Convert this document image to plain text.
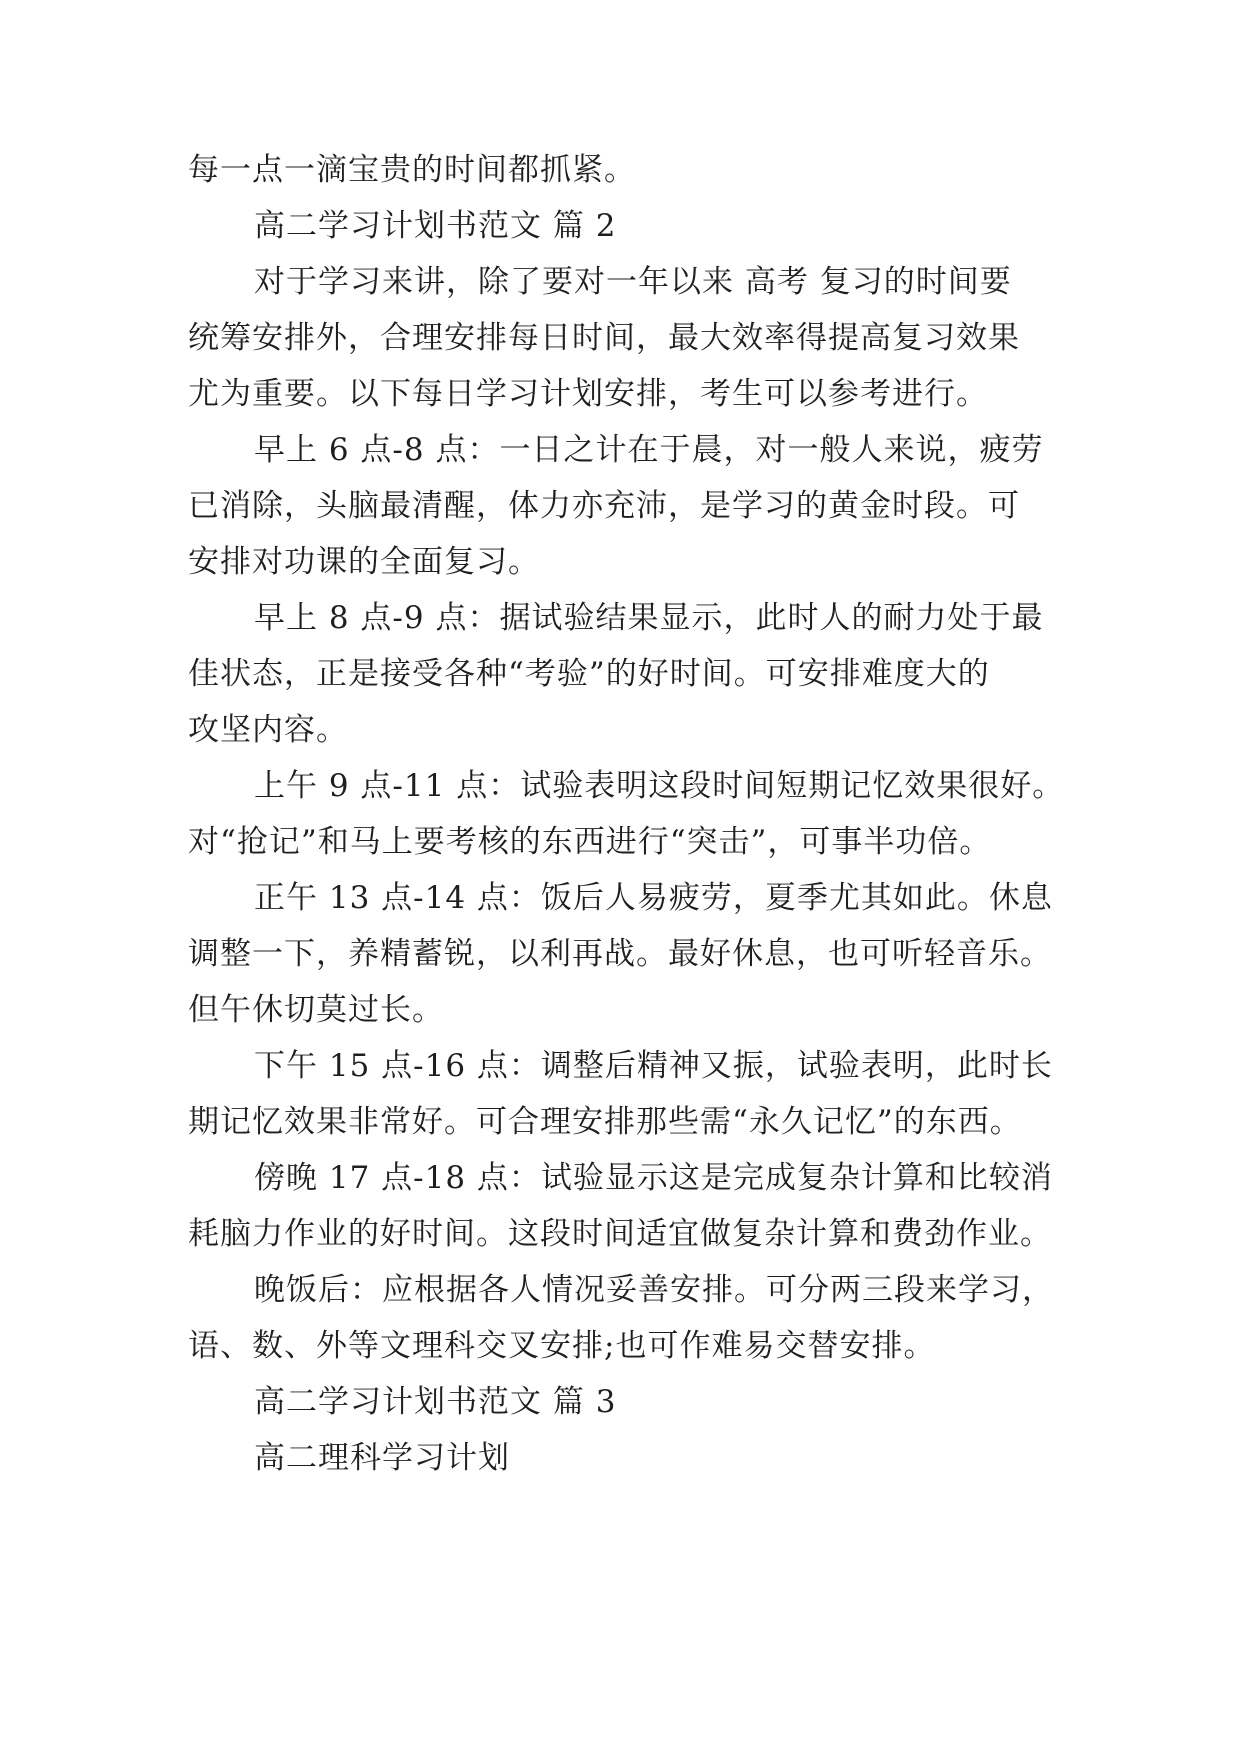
每一点一滴宝贵的时间都抓紧。
高二学习计划书范文 篇 2
对于学习来讲，除了要对一年以来 高考 复习的时间要
统筹安排外，合理安排每日时间，最大效率得提高复习效果
尤为重要。以下每日学习计划安排，考生可以参考进行。
早上 6 点-8 点：一日之计在于晨，对一般人来说，疲劳
已消除，头脑最清醒，体力亦充沛，是学习的黄金时段。可
安排对功课的全面复习。
早上 8 点-9 点：据试验结果显示，此时人的耐力处于最
佳状态，正是接受各种“考验”的好时间。可安排难度大的
攻坚内容。
上午 9 点-11 点：试验表明这段时间短期记忆效果很好。
对“抢记”和马上要考核的东西进行“突击”，可事半功倍。
正午 13 点-14 点：饭后人易疲劳，夏季尤其如此。休息
调整一下，养精蓄锐，以利再战。最好休息，也可听轻音乐。
但午休切莫过长。
下午 15 点-16 点：调整后精神又振，试验表明，此时长
期记忆效果非常好。可合理安排那些需“永久记忆”的东西。
傍晚 17 点-18 点：试验显示这是完成复杂计算和比较消
耗脑力作业的好时间。这段时间适宜做复杂计算和费劲作业。
晚饭后：应根据各人情况妥善安排。可分两三段来学习，
语、数、外等文理科交叉安排;也可作难易交替安排。
高二学习计划书范文 篇 3
高二理科学习计划
